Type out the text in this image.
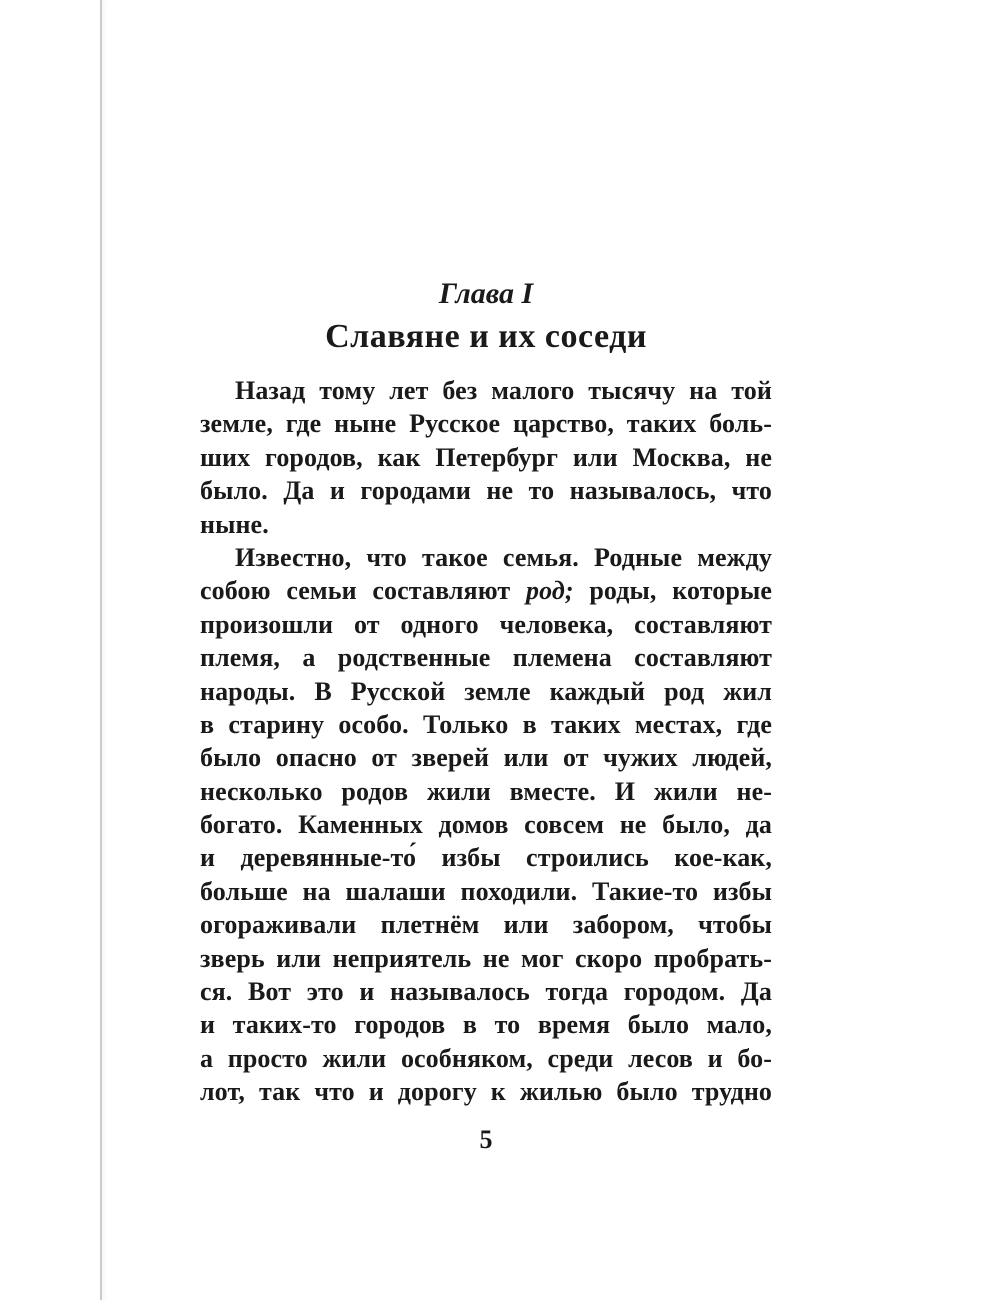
Глава I
Славяне и их соседи
Назад тому лет без малого тысячу на той
земле, где ныне Русское царство, таких боль-
ших городов, как Петербург или Москва, не
было. Да и городами не то называлось, что
ныне.
Известно, что такое семья. Родные между
собою семьи составляют род; роды, которые
произошли от одного человека, составляют
племя, а родственные племена составляют
народы. В Русской земле каждый род жил
в старину особо. Только в таких местах, где
было опасно от зверей или от чужих людей,
несколько родов жили вместе. И жили не-
богато. Каменных домов совсем не было, да
и деревянные-то́ избы строились кое-как,
больше на шалаши походили. Такие-то избы
огораживали плетнём или забором, чтобы
зверь или неприятель не мог скоро пробрать-
ся. Вот это и называлось тогда городом. Да
и таких-то городов в то время было мало,
а просто жили особняком, среди лесов и бо-
лот, так что и дорогу к жилью было трудно
5
